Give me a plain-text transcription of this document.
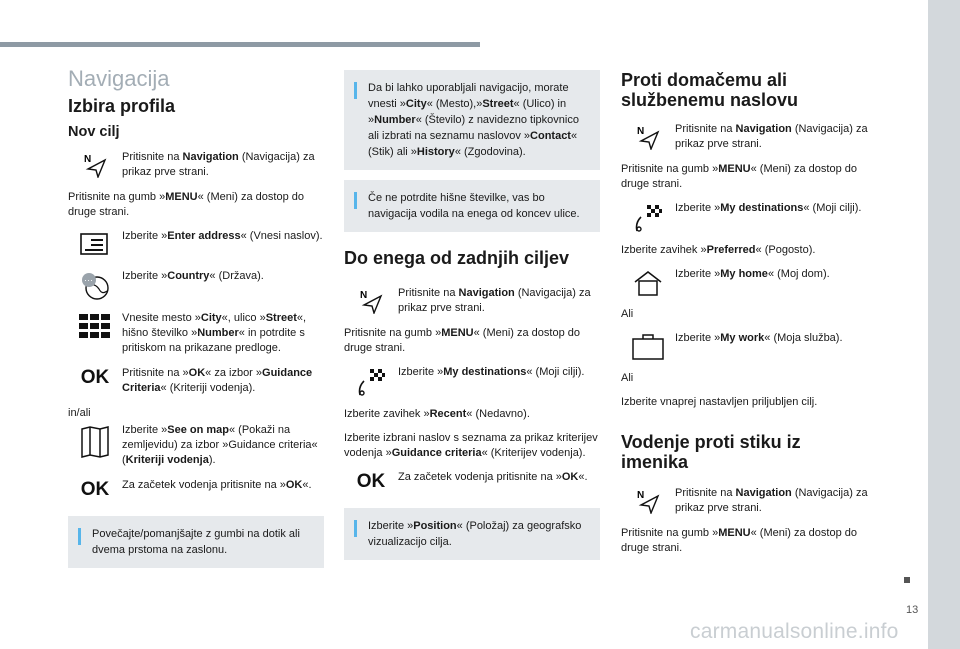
Navigacija
Izbira profila
Nov cilj
N	Pritisnite na Navigation (Navigacija) za prikaz prve strani.

Pritisnite na gumb »MENU« (Meni) za dostop do druge strani.

Izberite »Enter address« (Vnesi naslov).
···	Izberite »Country« (Država).
Vnesite mesto »City«, ulico »Street«, hišno številko »Number« in potrdite s pritiskom na prikazane predloge.
OK Pritisnite na »OK« za izbor »Guidance Criteria« (Kriteriji vodenja).

in/ali

Izberite »See on map« (Pokaži na zemljevidu) za izbor »Guidance criteria« (Kriteriji vodenja).
OK Za začetek vodenja pritisnite na »OK«.
Povečajte/pomanjšajte z gumbi na dotik ali dvema prstoma na zaslonu.
Da bi lahko uporabljali navigacijo, morate vnesti »City« (Mesto),»Street« (Ulico) in »Number« (Število) z navidezno tipkovnico ali izbrati na seznamu naslovov »Contact« (Stik) ali »History« (Zgodovina).
Če ne potrdite hišne številke, vas bo navigacija vodila na enega od koncev ulice.
Do enega od zadnjih ciljev
N	Pritisnite na Navigation (Navigacija) za prikaz prve strani.

Pritisnite na gumb »MENU« (Meni) za dostop do druge strani.

Izberite »My destinations« (Moji cilji).

Izberite zavihek »Recent« (Nedavno).

Izberite izbrani naslov s seznama za prikaz kriterijev vodenja »Guidance criteria« (Kriterijev vodenja).

OK Za začetek vodenja pritisnite na »OK«.
Izberite »Position« (Položaj) za geografsko vizualizacijo cilja.
Proti domačemu ali službenemu naslovu
N	Pritisnite na Navigation (Navigacija) za prikaz prve strani.

Pritisnite na gumb »MENU« (Meni) za dostop do druge strani.

Izberite »My destinations« (Moji cilji).

Izberite zavihek »Preferred« (Pogosto).

Izberite »My home« (Moj dom).

Ali

Izberite »My work« (Moja služba).

Ali

Izberite vnaprej nastavljen priljubljen cilj.

Vodenje proti stiku iz imenika
N	Pritisnite na Navigation (Navigacija) za prikaz prve strani.

Pritisnite na gumb »MENU« (Meni) za dostop do druge strani.

13
carmanualsonline.info
